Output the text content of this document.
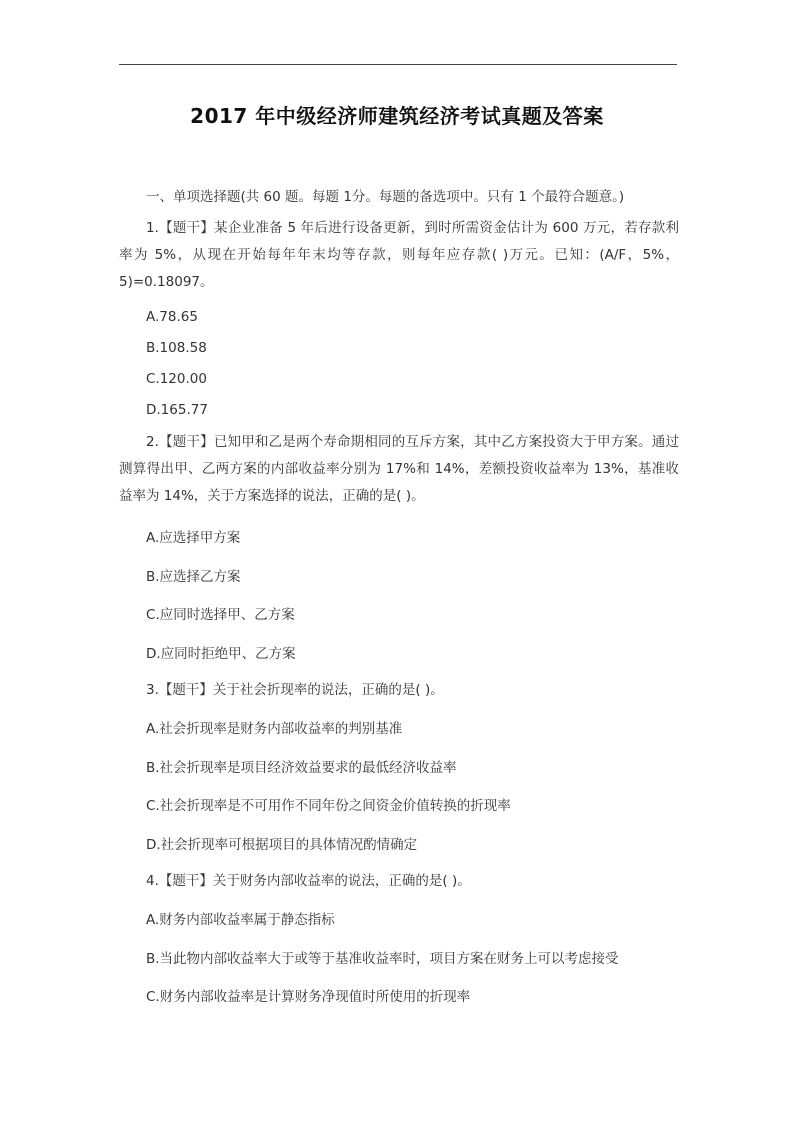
2017 年中级经济师建筑经济考试真题及答案

一、单项选择题(共 60 题。每题 1分。每题的备选项中。只有 1 个最符合题意。)

1.【题干】某企业准备 5 年后进行设备更新，到时所需资金估计为 600 万元，若存款利率为 5%，从现在开始每年年末均等存款，则每年应存款( )万元。已知：(A/F，5%，5)=0.18097。

A.78.65

B.108.58

C.120.00

D.165.77

2.【题干】已知甲和乙是两个寿命期相同的互斥方案，其中乙方案投资大于甲方案。通过测算得出甲、乙两方案的内部收益率分别为 17%和 14%，差额投资收益率为 13%，基准收益率为 14%，关于方案选择的说法，正确的是( )。

A.应选择甲方案

B.应选择乙方案

C.应同时选择甲、乙方案

D.应同时拒绝甲、乙方案

3.【题干】关于社会折现率的说法，正确的是( )。

A.社会折现率是财务内部收益率的判别基准

B.社会折现率是项目经济效益要求的最低经济收益率

C.社会折现率是不可用作不同年份之间资金价值转换的折现率

D.社会折现率可根据项目的具体情况酌情确定

4.【题干】关于财务内部收益率的说法，正确的是( )。

A.财务内部收益率属于静态指标

B.当此物内部收益率大于或等于基准收益率时，项目方案在财务上可以考虑接受

C.财务内部收益率是计算财务净现值时所使用的折现率
